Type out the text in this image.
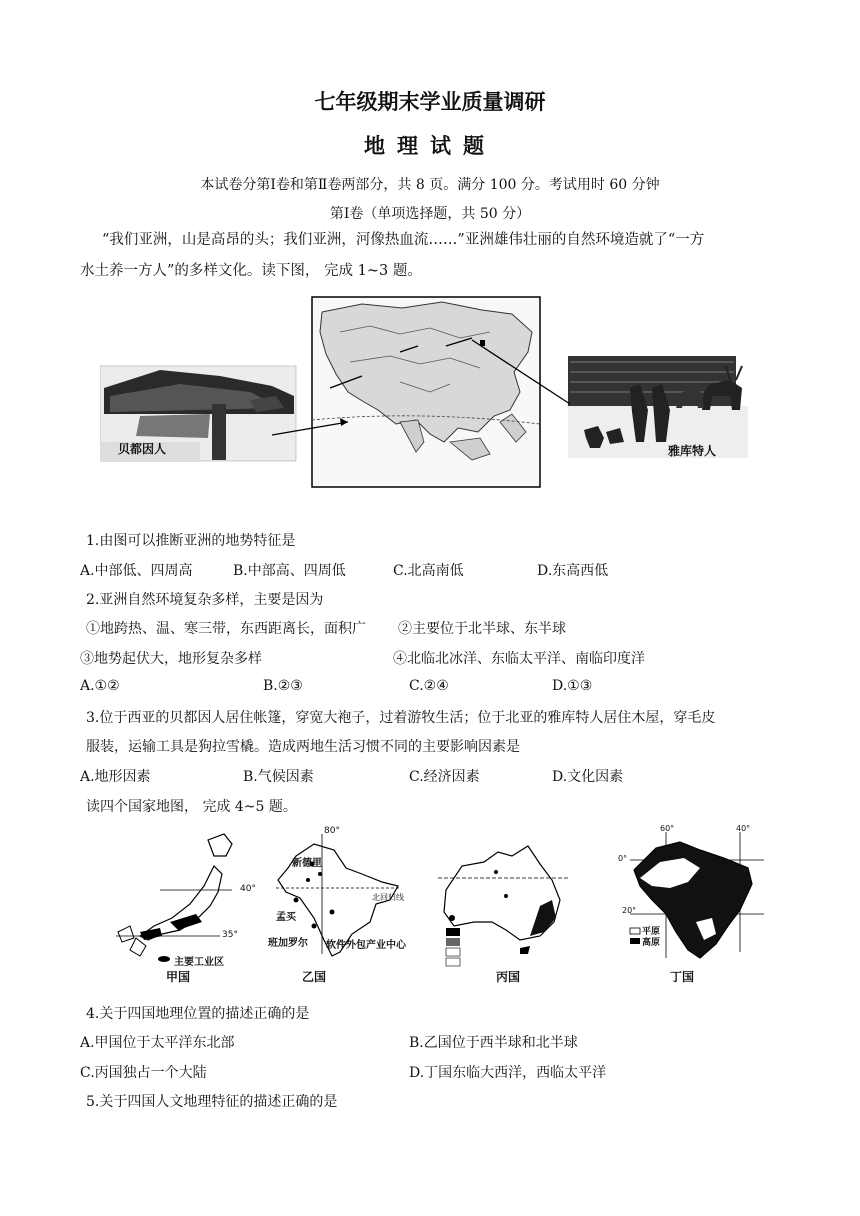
七年级期末学业质量调研
地理试题
本试卷分第Ⅰ卷和第Ⅱ卷两部分，共 8 页。满分 100 分。考试用时 60 分钟
第Ⅰ卷（单项选择题，共 50 分）
“我们亚洲，山是高昂的头；我们亚洲，河像热血流……”亚洲雄伟壮丽的自然环境造就了“一方
水土养一方人”的多样文化。读下图， 完成 1~3 题。
贝都因人	雅库特人
1.由图可以推断亚洲的地势特征是
A.中部低、四周高	B.中部高、四周低	C.北高南低	D.东高西低
2.亚洲自然环境复杂多样，主要是因为
①地跨热、温、寒三带，东西距离长，面积广 ②主要位于北半球、东半球
③地势起伏大，地形复杂多样	④北临北冰洋、东临太平洋、南临印度洋
A.①②	B.②③	C.②④	D.①③
3.位于西亚的贝都因人居住帐篷，穿宽大袍子，过着游牧生活；位于北亚的雅库特人居住木屋，穿毛皮
服装，运输工具是狗拉雪橇。造成两地生活习惯不同的主要影响因素是
A.地形因素	B.气候因素	C.经济因素	D.文化因素
读四个国家地图， 完成 4~5 题。
40°
35°
主要工业区
甲国
80°
新德里
孟买
班加罗尔 软件外包产业中心
北回归线
乙国	丙国
0°
20°
60°	40°
平原
高原
丁国
4.关于四国地理位置的描述正确的是
A.甲国位于太平洋东北部	B.乙国位于西半球和北半球
C.丙国独占一个大陆	D.丁国东临大西洋，西临太平洋
5.关于四国人文地理特征的描述正确的是
